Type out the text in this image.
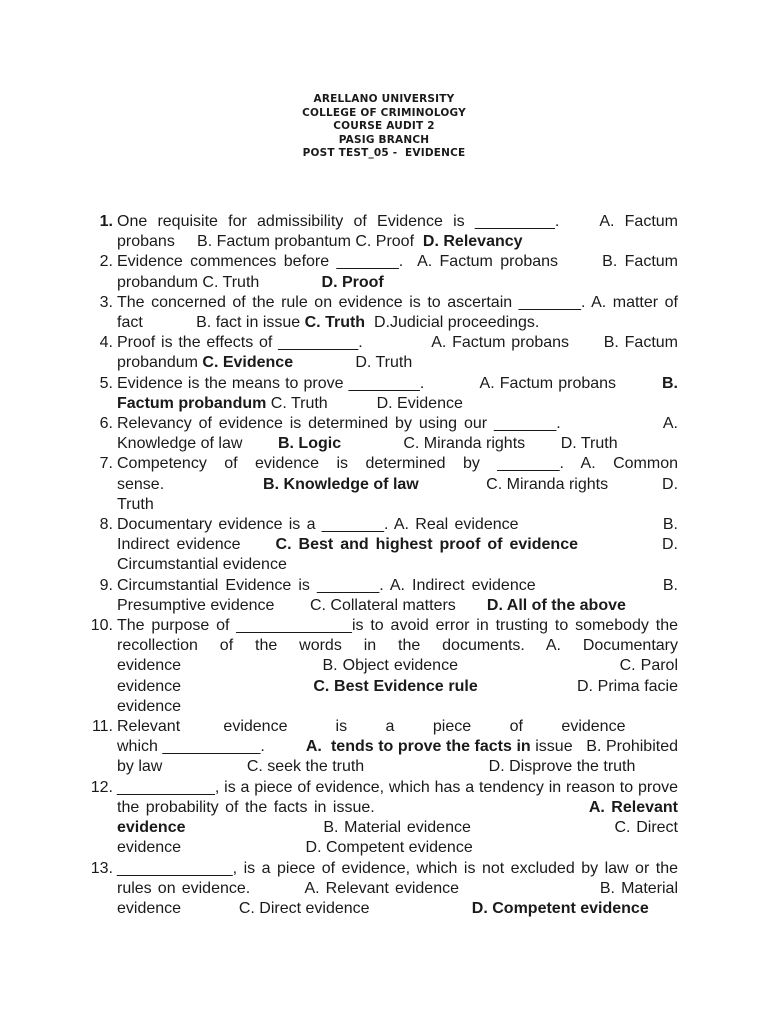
ARELLANO UNIVERSITY
COLLEGE OF CRIMINOLOGY
COURSE AUDIT 2
PASIG BRANCH
POST TEST_05 -  EVIDENCE
1. One requisite for admissibility of Evidence is _________.    A. Factum probans     B. Factum probantum C. Proof  D. Relevancy
2. Evidence commences before _______.  A. Factum probans      B. Factum probandum C. Truth              D. Proof
3. The concerned of the rule on evidence is to ascertain _______. A. matter of fact            B. fact in issue C. Truth  D.Judicial proceedings.
4. Proof is the effects of _________.            A. Factum probans      B. Factum probandum C. Evidence              D. Truth
5. Evidence is the means to prove ________.           A. Factum probans         B. Factum probandum C. Truth           D. Evidence
6. Relevancy of evidence is determined by using our _______.               A. Knowledge of law        B. Logic              C. Miranda rights        D. Truth
7. Competency of evidence is determined by _______. A. Common sense.                      B. Knowledge of law               C. Miranda rights            D. Truth
8. Documentary evidence is a _______. A. Real evidence                       B. Indirect evidence     C. Best and highest proof of evidence            D. Circumstantial evidence
9. Circumstantial Evidence is _______. A. Indirect evidence                  B. Presumptive evidence        C. Collateral matters       D. All of the above
10. The purpose of _____________is to avoid error in trusting to somebody the recollection of the words in the documents. A. Documentary evidence                            B. Object evidence                                C. Parol evidence                            C. Best Evidence rule                     D. Prima facie evidence
11. Relevant         evidence          is        a        piece        of        evidence            which ___________.         A.  tends to prove the facts in issue   B. Prohibited by law                   C. seek the truth                            D. Disprove the truth
12. ___________, is a piece of evidence, which has a tendency in reason to prove the probability of the facts in issue.                                 A. Relevant evidence                        B. Material evidence                         C. Direct evidence                            D. Competent evidence
13. _____________, is a piece of evidence, which is not excluded by law or the rules on evidence.         A. Relevant evidence                       B. Material evidence             C. Direct evidence                       D. Competent evidence
